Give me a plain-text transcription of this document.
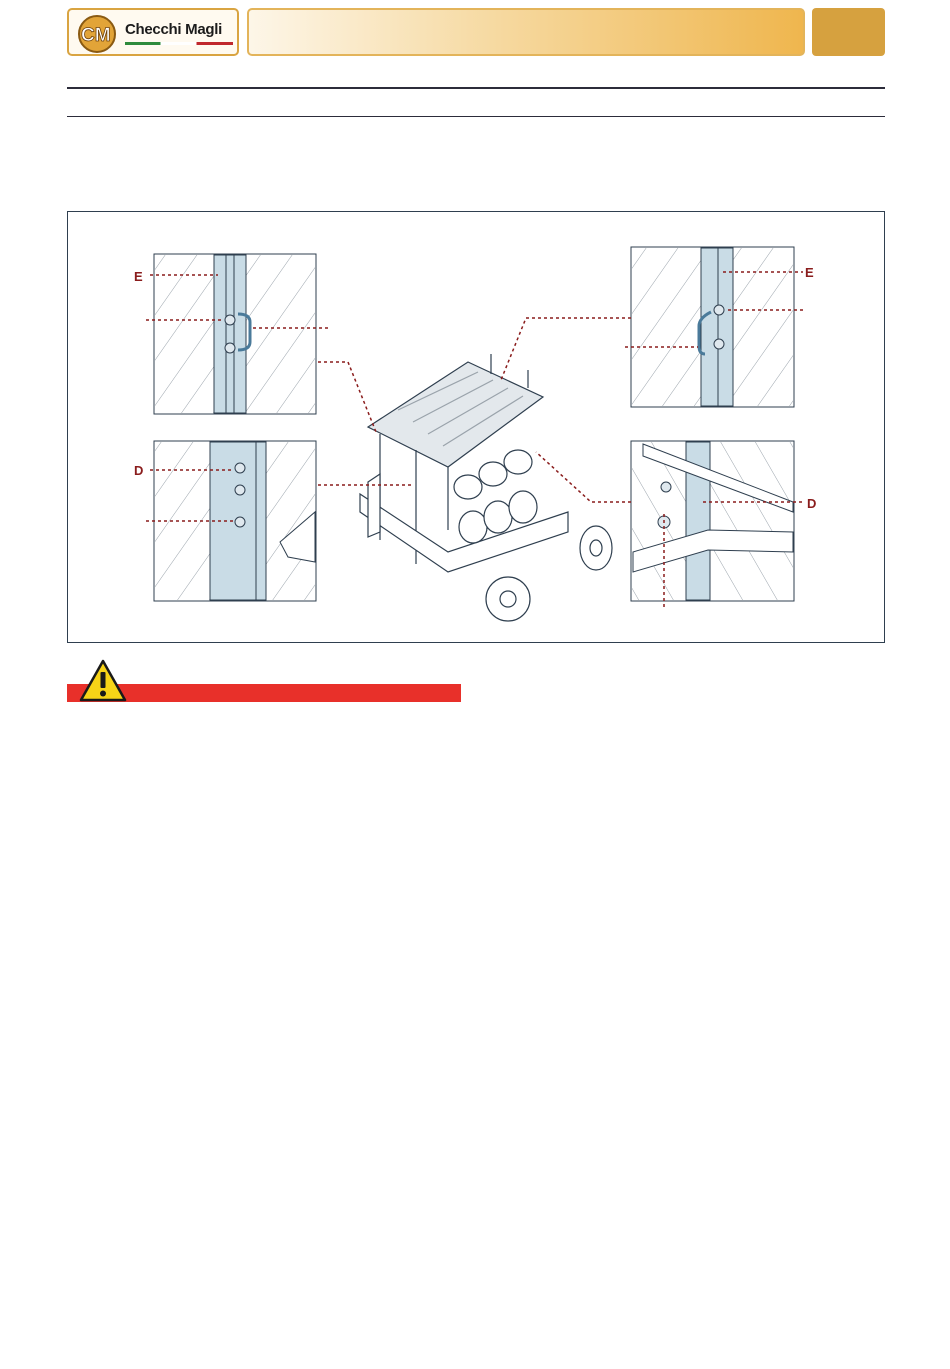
CM Checchi Magli
E
D
E
D
